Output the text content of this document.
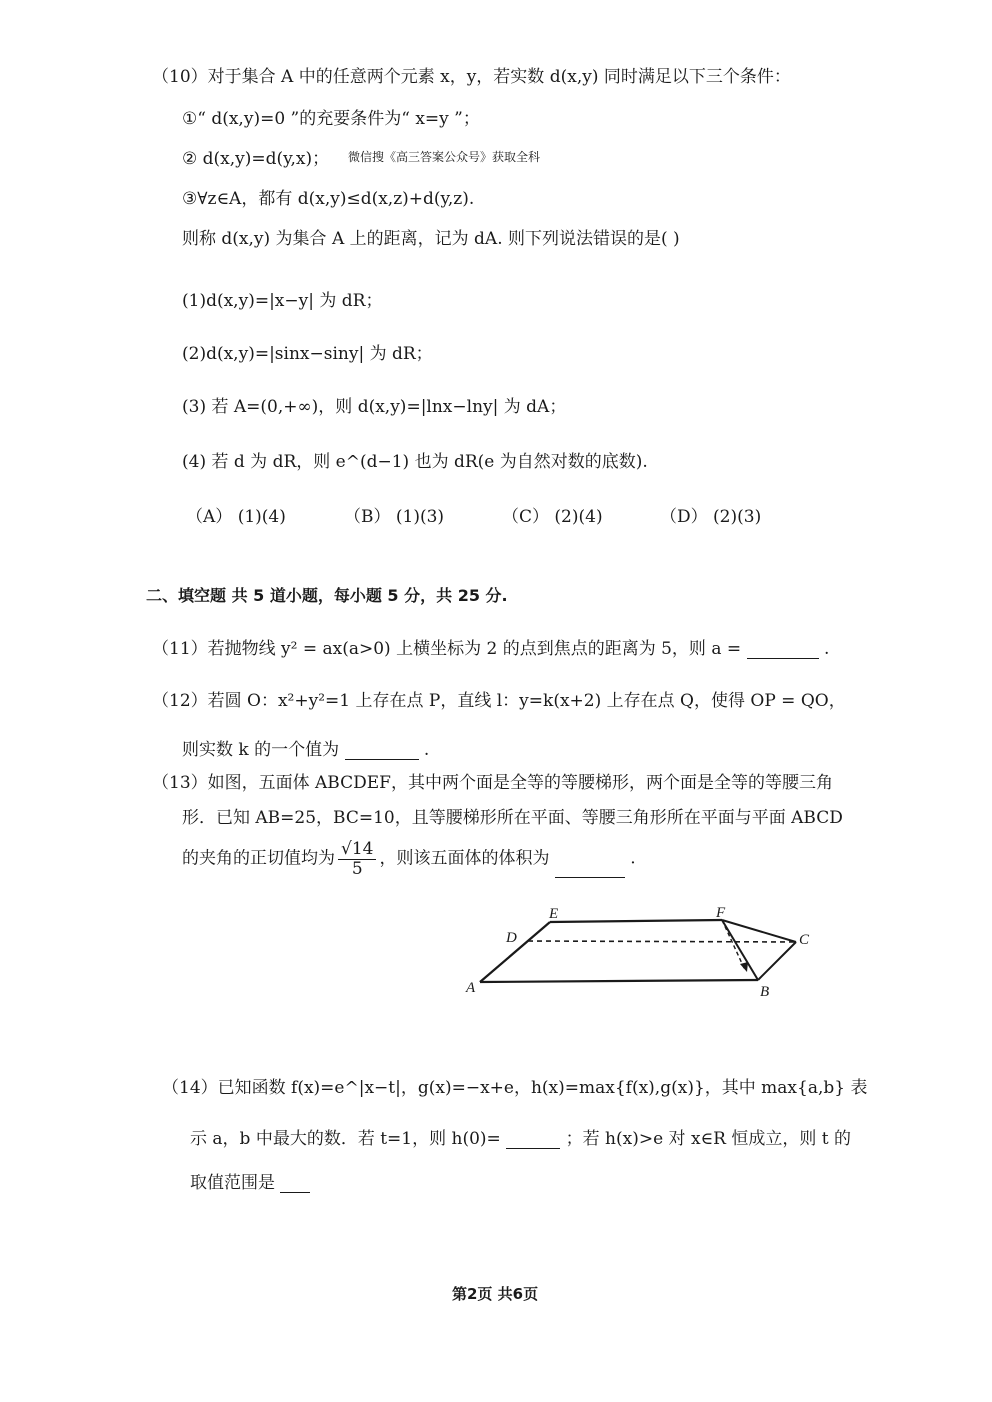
（10）对于集合 A 中的任意两个元素 x，y，若实数 d(x,y) 同时满足以下三个条件：
①“ d(x,y)=0 ”的充要条件为“ x=y ”；
② d(x,y)=d(y,x)； 微信搜《高三答案公众号》获取全科
③∀z∈A，都有 d(x,y)≤d(x,z)+d(y,z).
则称 d(x,y) 为集合 A 上的距离，记为 dA. 则下列说法错误的是( )
(1)d(x,y)=|x−y| 为 dR；
(2)d(x,y)=|sinx−siny| 为 dR；
(3) 若 A=(0,+∞)，则 d(x,y)=|lnx−lny| 为 dA；
(4) 若 d 为 dR，则 e^(d−1) 也为 dR(e 为自然对数的底数).
（A） (1)(4)	（B） (1)(3)	（C） (2)(4)	（D） (2)(3)
二、填空题 共 5 道小题，每小题 5 分，共 25 分.
（11）若抛物线 y² = ax(a>0) 上横坐标为 2 的点到焦点的距离为 5，则 a =	.
（12）若圆 O：x²+y²=1 上存在点 P，直线 l：y=k(x+2) 上存在点 Q，使得 OP = QO，
则实数 k 的一个值为	.
（13）如图，五面体 ABCDEF，其中两个面是全等的等腰梯形，两个面是全等的等腰三角
形．已知 AB=25，BC=10，且等腰梯形所在平面、等腰三角形所在平面与平面 ABCD
的夹角的正切值均为 $\frac{√14}{5}$ ，则该五面体的体积为	.
A	B
C
D
E	F
（14）已知函数 f(x)=e^|x−t|，g(x)=−x+e，h(x)=max{f(x),g(x)}，其中 max{a,b} 表
示 a，b 中最大的数．若 t=1，则 h(0)=	；若 h(x)>e 对 x∈R 恒成立，则 t 的
取值范围是
第2页 共6页
